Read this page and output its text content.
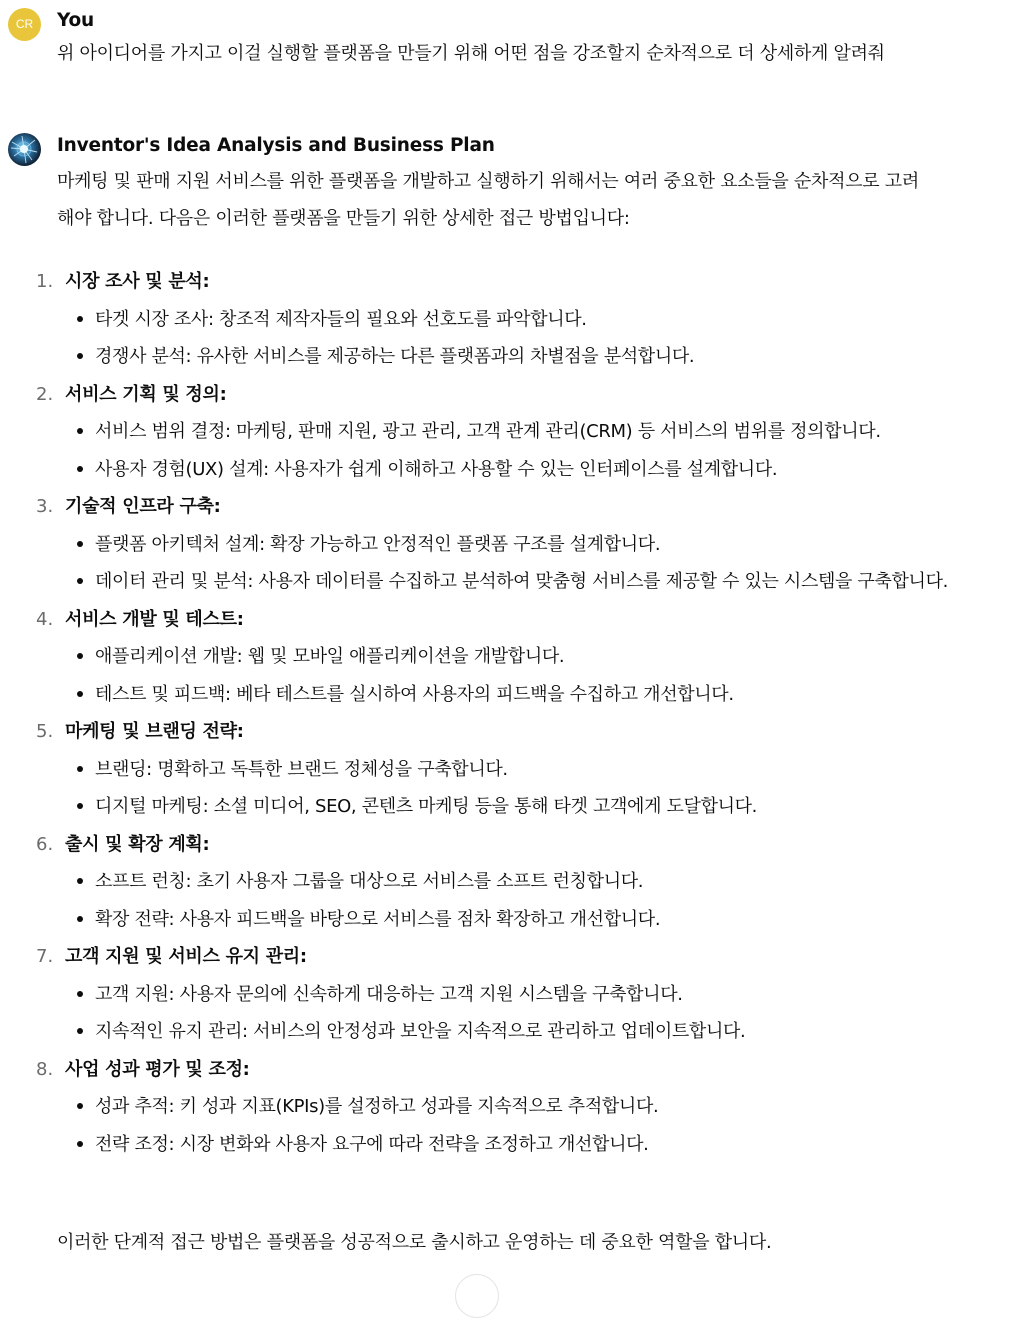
CR	You
위 아이디어를 가지고 이걸 실행할 플랫폼을 만들기 위해 어떤 점을 강조할지 순차적으로 더 상세하게 알려줘
Inventor's Idea Analysis and Business Plan
마케팅 및 판매 지원 서비스를 위한 플랫폼을 개발하고 실행하기 위해서는 여러 중요한 요소들을 순차적으로 고려
해야 합니다. 다음은 이러한 플랫폼을 만들기 위한 상세한 접근 방법입니다:
1. 시장 조사 및 분석:
타겟 시장 조사: 창조적 제작자들의 필요와 선호도를 파악합니다.
경쟁사 분석: 유사한 서비스를 제공하는 다른 플랫폼과의 차별점을 분석합니다.
2. 서비스 기획 및 정의:
서비스 범위 결정: 마케팅, 판매 지원, 광고 관리, 고객 관계 관리(CRM) 등 서비스의 범위를 정의합니다.
사용자 경험(UX) 설계: 사용자가 쉽게 이해하고 사용할 수 있는 인터페이스를 설계합니다.
3. 기술적 인프라 구축:
플랫폼 아키텍처 설계: 확장 가능하고 안정적인 플랫폼 구조를 설계합니다.
데이터 관리 및 분석: 사용자 데이터를 수집하고 분석하여 맞춤형 서비스를 제공할 수 있는 시스템을 구축합니다.
4. 서비스 개발 및 테스트:
애플리케이션 개발: 웹 및 모바일 애플리케이션을 개발합니다.
테스트 및 피드백: 베타 테스트를 실시하여 사용자의 피드백을 수집하고 개선합니다.
5. 마케팅 및 브랜딩 전략:
브랜딩: 명확하고 독특한 브랜드 정체성을 구축합니다.
디지털 마케팅: 소셜 미디어, SEO, 콘텐츠 마케팅 등을 통해 타겟 고객에게 도달합니다.
6. 출시 및 확장 계획:
소프트 런칭: 초기 사용자 그룹을 대상으로 서비스를 소프트 런칭합니다.
확장 전략: 사용자 피드백을 바탕으로 서비스를 점차 확장하고 개선합니다.
7. 고객 지원 및 서비스 유지 관리:
고객 지원: 사용자 문의에 신속하게 대응하는 고객 지원 시스템을 구축합니다.
지속적인 유지 관리: 서비스의 안정성과 보안을 지속적으로 관리하고 업데이트합니다.
8. 사업 성과 평가 및 조정:
성과 추적: 키 성과 지표(KPIs)를 설정하고 성과를 지속적으로 추적합니다.
전략 조정: 시장 변화와 사용자 요구에 따라 전략을 조정하고 개선합니다.
이러한 단계적 접근 방법은 플랫폼을 성공적으로 출시하고 운영하는 데 중요한 역할을 합니다.
